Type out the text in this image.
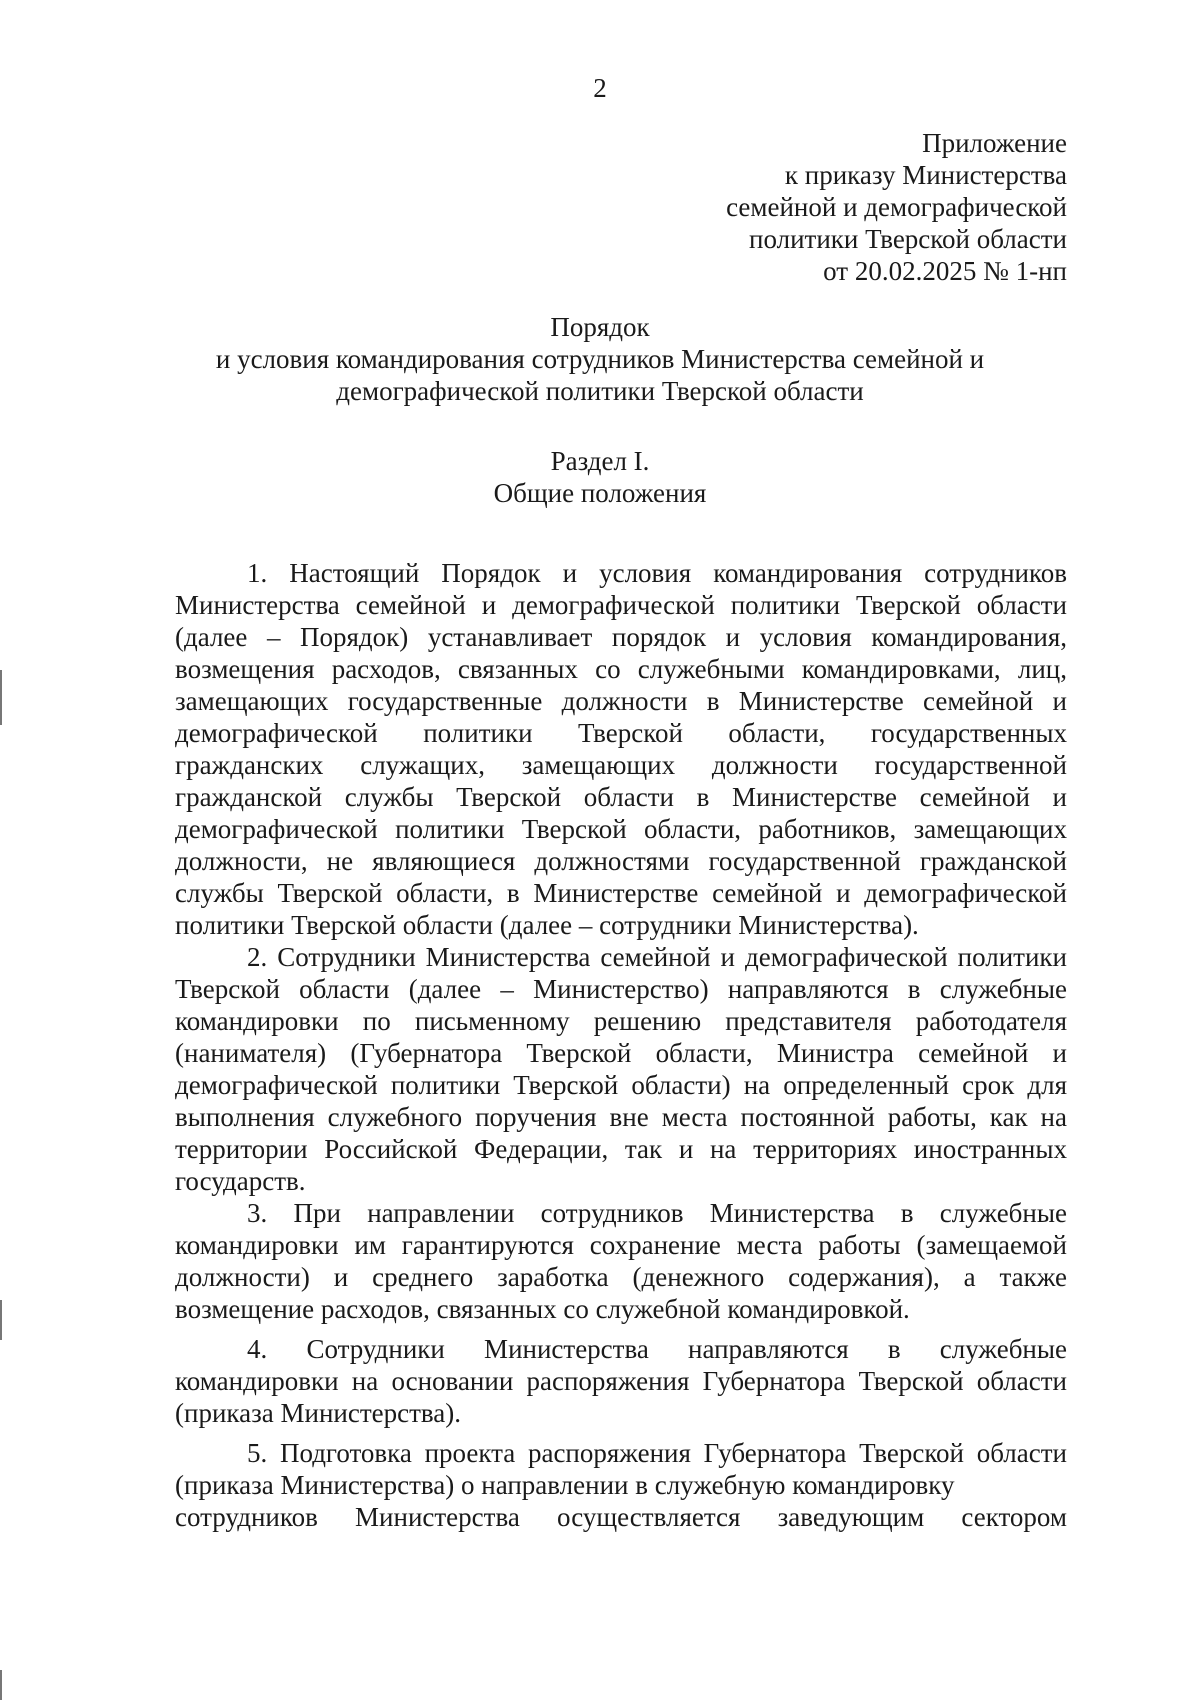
2
Приложение
к приказу Министерства
семейной и демографической
политики Тверской области
от 20.02.2025 № 1-нп
Порядок
и условия командирования сотрудников Министерства семейной и
демографической политики Тверской области
Раздел I.
Общие положения

1. Настоящий Порядок и условия командирования сотрудников Министерства семейной и демографической политики Тверской области (далее – Порядок) устанавливает порядок и условия командирования, возмещения расходов, связанных со служебными командировками, лиц, замещающих государственные должности в Министерстве семейной и демографической политики Тверской области, государственных гражданских служащих, замещающих должности государственной гражданской службы Тверской области в Министерстве семейной и демографической политики Тверской области, работников, замещающих должности, не являющиеся должностями государственной гражданской службы Тверской области, в Министерстве семейной и демографической политики Тверской области (далее – сотрудники Министерства).

2. Сотрудники Министерства семейной и демографической политики Тверской области (далее – Министерство) направляются в служебные командировки по письменному решению представителя работодателя (нанимателя) (Губернатора Тверской области, Министра семейной и демографической политики Тверской области) на определенный срок для выполнения служебного поручения вне места постоянной работы, как на территории Российской Федерации, так и на территориях иностранных государств.

3. При направлении сотрудников Министерства в служебные командировки им гарантируются сохранение места работы (замещаемой должности) и среднего заработка (денежного содержания), а также возмещение расходов, связанных со служебной командировкой.

4. Сотрудники Министерства направляются в служебные командировки на основании распоряжения Губернатора Тверской области (приказа Министерства).

5. Подготовка проекта распоряжения Губернатора Тверской области (приказа Министерства) о направлении в служебную командировку

сотрудников Министерства осуществляется заведующим сектором
